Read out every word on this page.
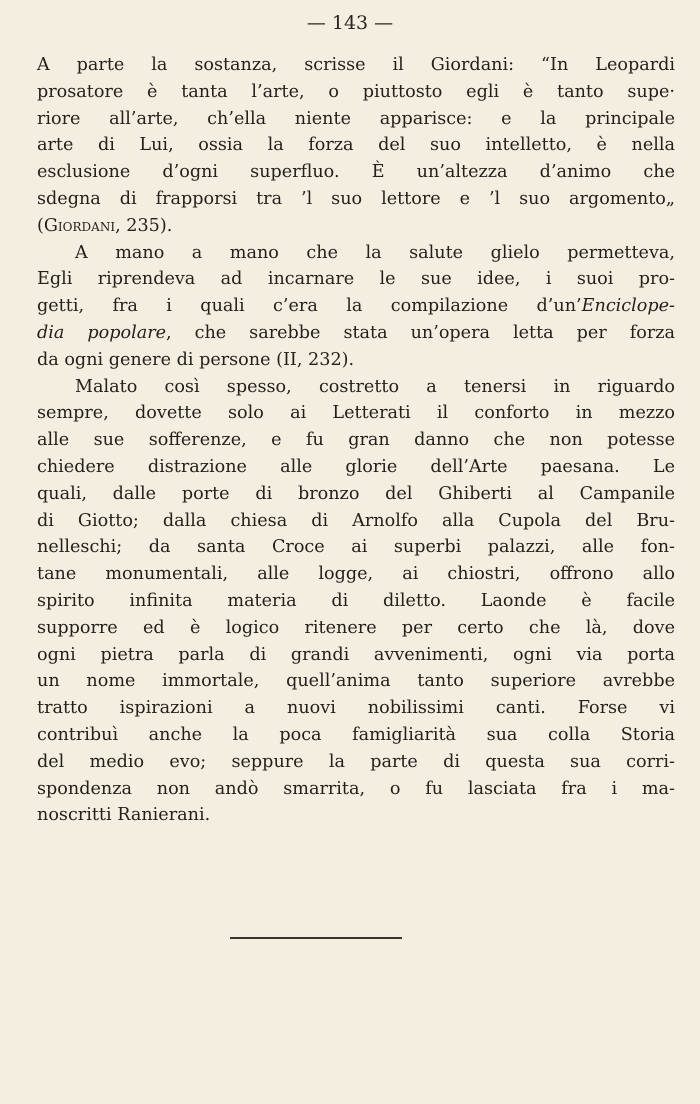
— 143 —
A parte la sostanza, scrisse il Giordani: “In Leopardi
prosatore è tanta l’arte, o piuttosto egli è tanto supe·
riore all’arte, ch’ella niente apparisce: e la principale
arte di Lui, ossia la forza del suo intelletto, è nella
esclusione d’ogni superfluo. È un’altezza d’animo che
sdegna di frapporsi tra ’l suo lettore e ’l suo argomento„
(Giordani, 235).
A mano a mano che la salute glielo permetteva,
Egli riprendeva ad incarnare le sue idee, i suoi pro-
getti, fra i quali c’era la compilazione d’un’Enciclope-
dia popolare, che sarebbe stata un’opera letta per forza
da ogni genere di persone (II, 232).
Malato così spesso, costretto a tenersi in riguardo
sempre, dovette solo ai Letterati il conforto in mezzo
alle sue sofferenze, e fu gran danno che non potesse
chiedere distrazione alle glorie dell’Arte paesana. Le
quali, dalle porte di bronzo del Ghiberti al Campanile
di Giotto; dalla chiesa di Arnolfo alla Cupola del Bru-
nelleschi; da santa Croce ai superbi palazzi, alle fon-
tane monumentali, alle logge, ai chiostri, offrono allo
spirito infinita materia di diletto. Laonde è facile
supporre ed è logico ritenere per certo che là, dove
ogni pietra parla di grandi avvenimenti, ogni via porta
un nome immortale, quell’anima tanto superiore avrebbe
tratto ispirazioni a nuovi nobilissimi canti. Forse vi
contribuì anche la poca famigliarità sua colla Storia
del medio evo; seppure la parte di questa sua corri-
spondenza non andò smarrita, o fu lasciata fra i ma-
noscritti Ranierani.
